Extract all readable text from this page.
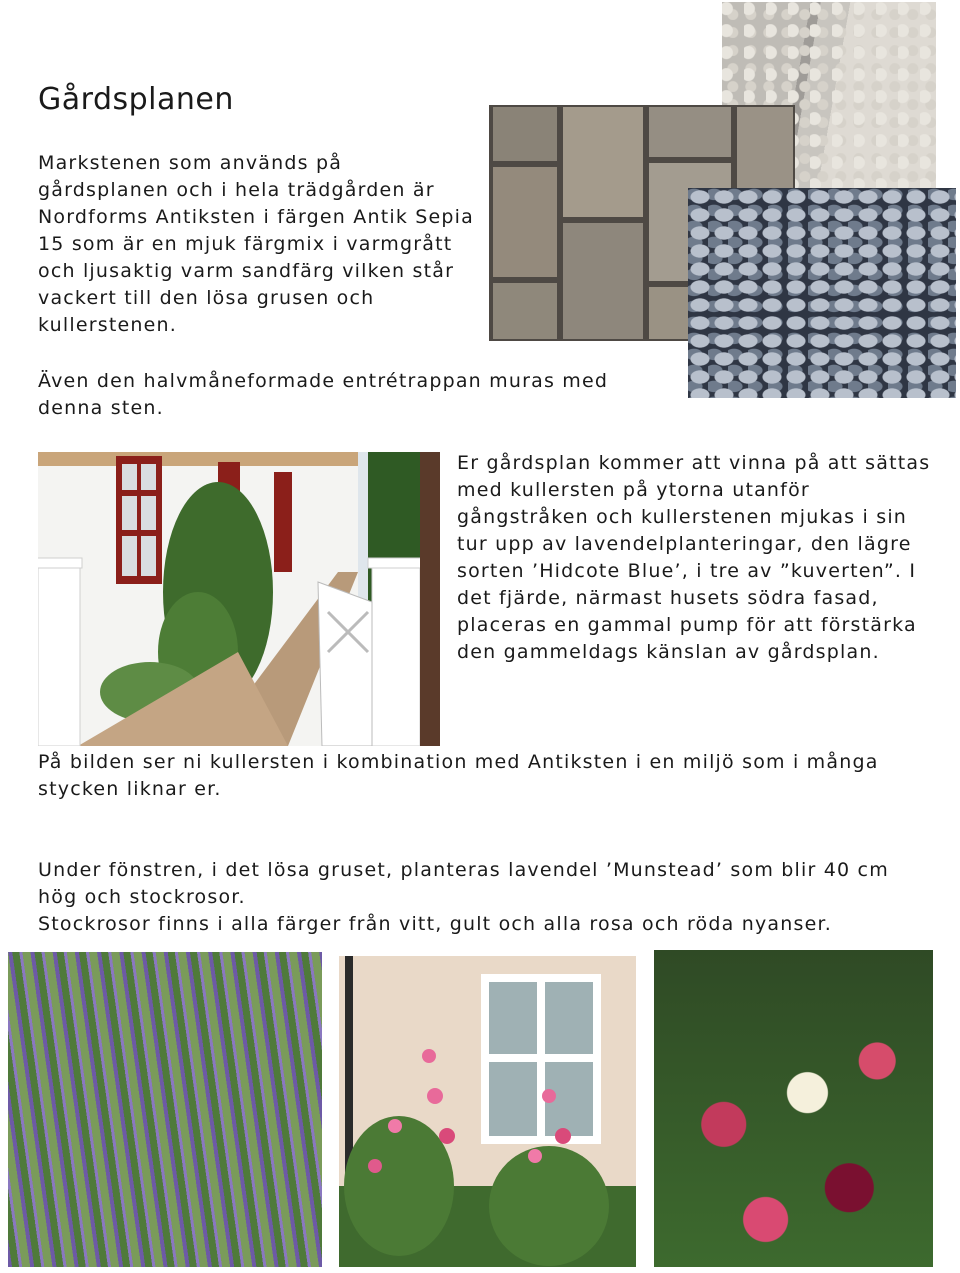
Gårdsplanen

Markstenen som används på gårdsplanen och i hela trädgården är Nordforms Antiksten i färgen Antik Sepia 15 som är en mjuk färgmix i varmgrått och ljusaktig varm sandfärg vilken står vackert till den lösa grusen och kullerstenen.

Även den halvmåneformade entrétrappan muras med denna sten.

Er gårdsplan kommer att vinna på att sättas med kullersten på ytorna utanför gångstråken och kullerstenen mjukas i sin tur upp av lavendelplanteringar, den lägre sorten ’Hidcote Blue’, i tre av ”kuverten”. I det fjärde, närmast husets södra fasad, placeras en gammal pump för att förstärka den gammeldags känslan av gårdsplan.

På bilden ser ni kullersten i kombination med Antiksten i en miljö som i många stycken liknar er.

Under fönstren, i det lösa gruset, planteras lavendel ’Munstead’ som blir 40 cm hög och stockrosor.
Stockrosor finns i alla färger från vitt, gult och alla rosa och röda nyanser.
